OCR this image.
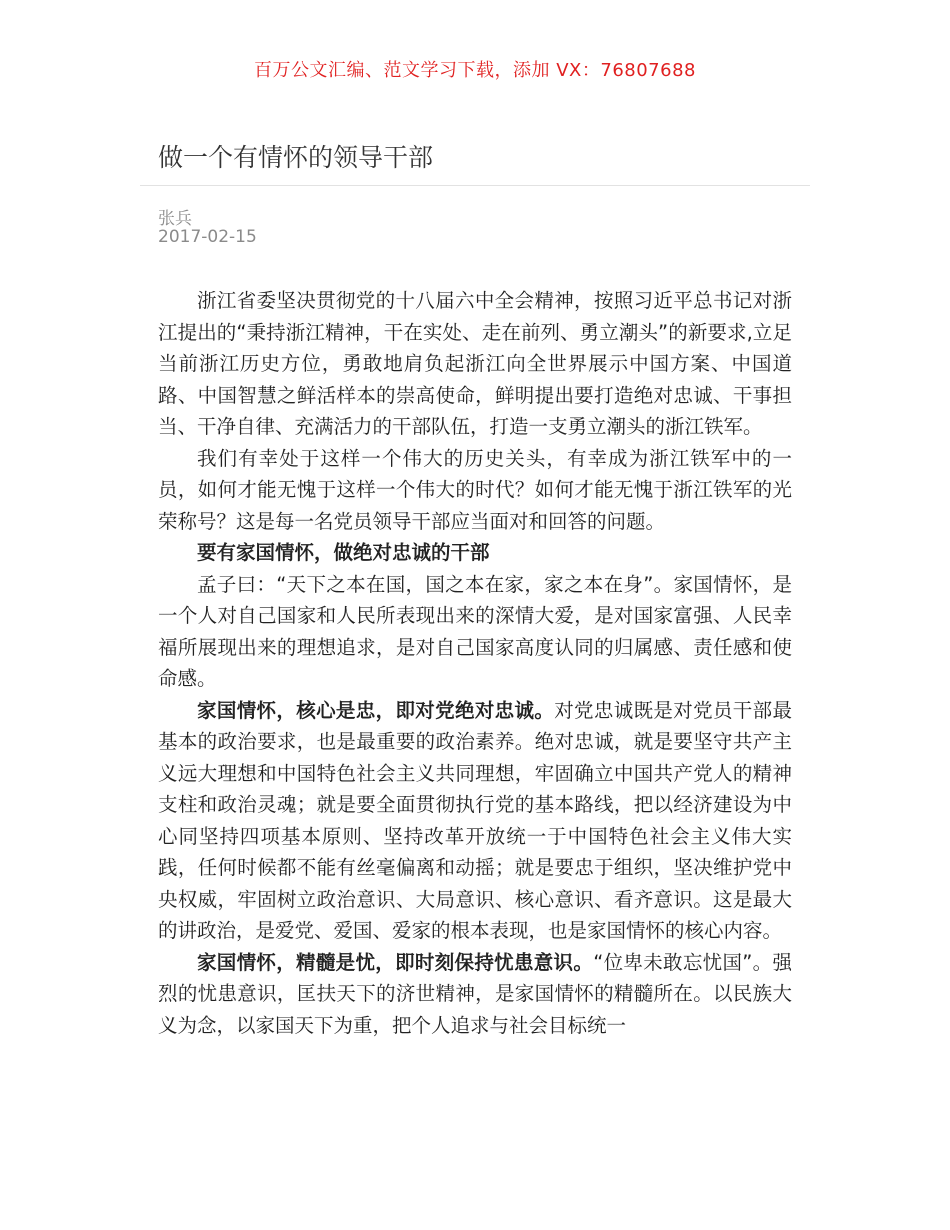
百万公文汇编、范文学习下载，添加 VX：76807688
做一个有情怀的领导干部
张兵
2017-02-15

浙江省委坚决贯彻党的十八届六中全会精神，按照习近平总书记对浙江提出的“秉持浙江精神，干在实处、走在前列、勇立潮头”的新要求,立足当前浙江历史方位，勇敢地肩负起浙江向全世界展示中国方案、中国道路、中国智慧之鲜活样本的崇高使命，鲜明提出要打造绝对忠诚、干事担当、干净自律、充满活力的干部队伍，打造一支勇立潮头的浙江铁军。

我们有幸处于这样一个伟大的历史关头，有幸成为浙江铁军中的一员，如何才能无愧于这样一个伟大的时代？如何才能无愧于浙江铁军的光荣称号？这是每一名党员领导干部应当面对和回答的问题。

要有家国情怀，做绝对忠诚的干部

孟子曰：“天下之本在国，国之本在家，家之本在身”。家国情怀，是一个人对自己国家和人民所表现出来的深情大爱，是对国家富强、人民幸福所展现出来的理想追求，是对自己国家高度认同的归属感、责任感和使命感。

家国情怀，核心是忠，即对党绝对忠诚。对党忠诚既是对党员干部最基本的政治要求，也是最重要的政治素养。绝对忠诚，就是要坚守共产主义远大理想和中国特色社会主义共同理想，牢固确立中国共产党人的精神支柱和政治灵魂；就是要全面贯彻执行党的基本路线，把以经济建设为中心同坚持四项基本原则、坚持改革开放统一于中国特色社会主义伟大实践，任何时候都不能有丝毫偏离和动摇；就是要忠于组织，坚决维护党中央权威，牢固树立政治意识、大局意识、核心意识、看齐意识。这是最大的讲政治，是爱党、爱国、爱家的根本表现，也是家国情怀的核心内容。

家国情怀，精髓是忧，即时刻保持忧患意识。“位卑未敢忘忧国”。强烈的忧患意识，匡扶天下的济世精神，是家国情怀的精髓所在。以民族大义为念，以家国天下为重，把个人追求与社会目标统一
